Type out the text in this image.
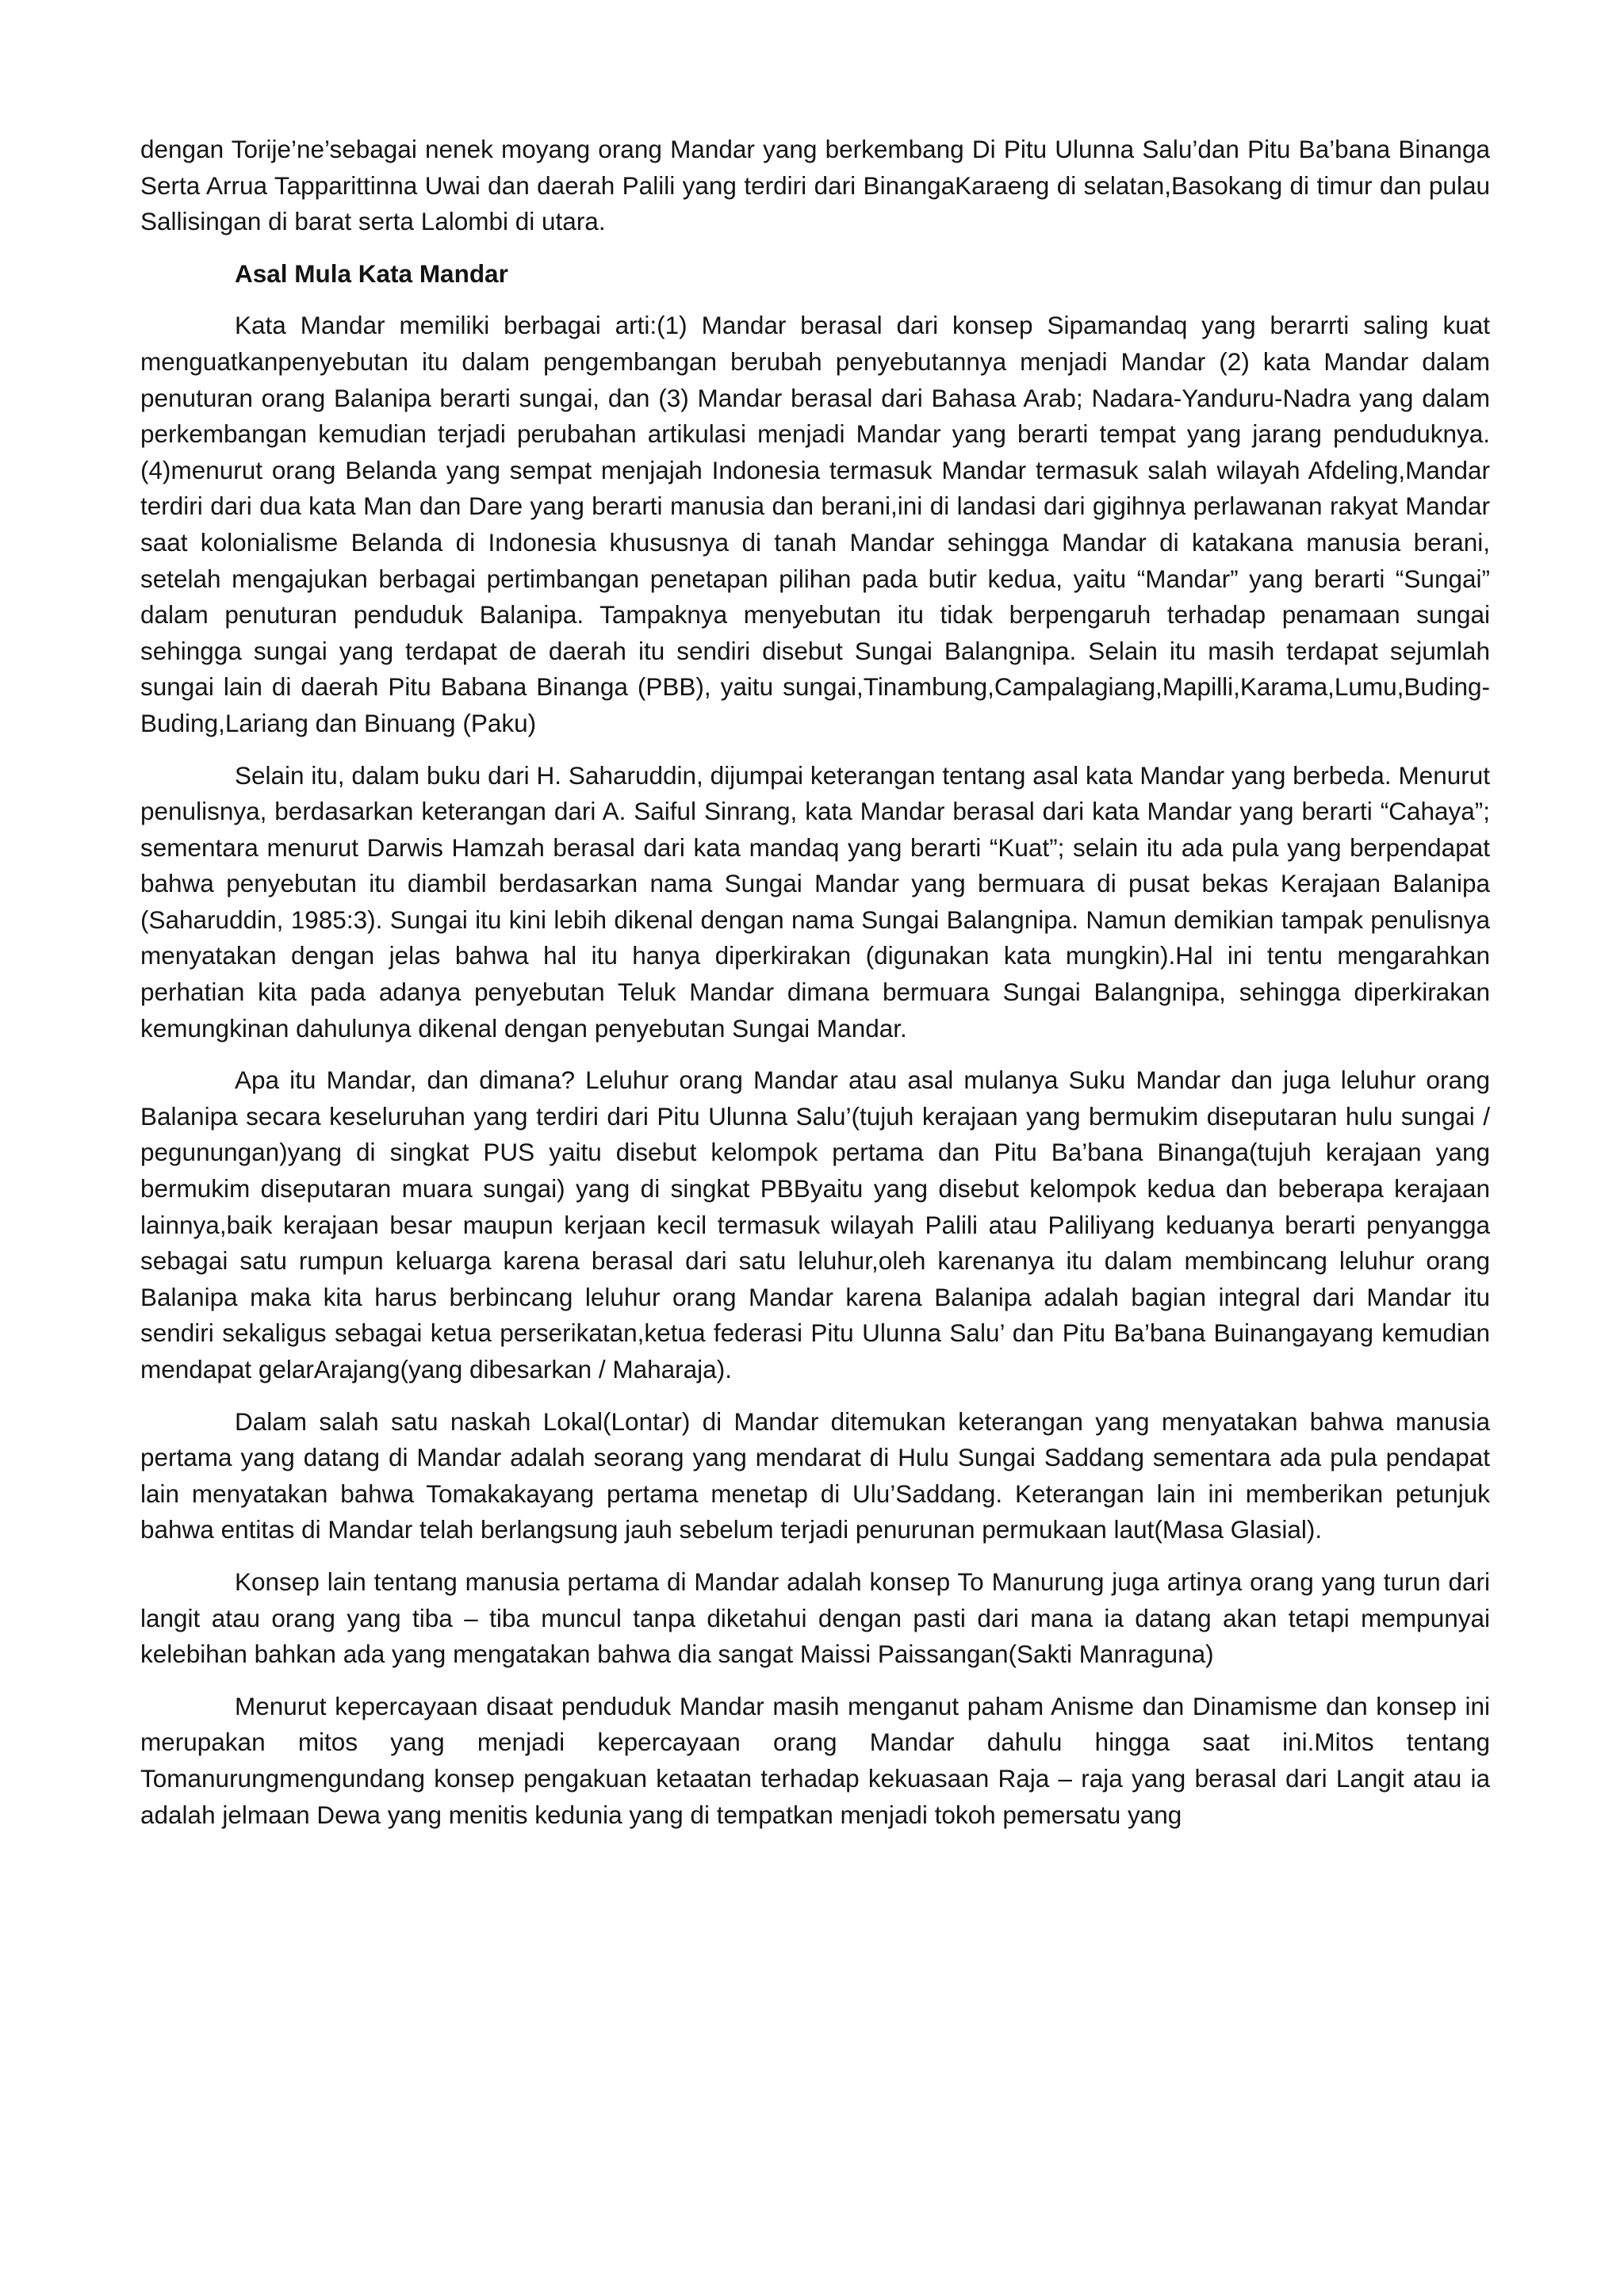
dengan Torije’ne’sebagai nenek moyang orang Mandar yang berkembang Di Pitu Ulunna Salu’dan Pitu Ba’bana Binanga Serta Arrua Tapparittinna Uwai dan daerah Palili yang terdiri dari BinangaKaraeng di selatan,Basokang di timur dan pulau Sallisingan di barat serta Lalombi di utara.

Asal Mula Kata Mandar

Kata Mandar memiliki berbagai arti:(1) Mandar berasal dari konsep Sipamandaq yang berarrti saling kuat menguatkanpenyebutan itu dalam pengembangan berubah penyebutannya menjadi Mandar (2) kata Mandar dalam penuturan orang Balanipa berarti sungai, dan (3) Mandar berasal dari Bahasa Arab; Nadara-Yanduru-Nadra yang dalam perkembangan kemudian terjadi perubahan artikulasi menjadi Mandar yang berarti tempat yang jarang penduduknya.(4)menurut orang Belanda yang sempat menjajah Indonesia termasuk Mandar termasuk salah wilayah Afdeling,Mandar terdiri dari dua kata Man dan Dare yang berarti manusia dan berani,ini di landasi dari gigihnya perlawanan rakyat Mandar saat kolonialisme Belanda di Indonesia khususnya di tanah Mandar sehingga Mandar di katakana manusia berani, setelah mengajukan berbagai pertimbangan penetapan pilihan pada butir kedua, yaitu “Mandar” yang berarti “Sungai” dalam penuturan penduduk Balanipa. Tampaknya menyebutan itu tidak berpengaruh terhadap penamaan sungai sehingga sungai yang terdapat de daerah itu sendiri disebut Sungai Balangnipa. Selain itu masih terdapat sejumlah sungai lain di daerah Pitu Babana Binanga (PBB), yaitu sungai,Tinambung,Campalagiang,Mapilli,Karama,Lumu,Buding-Buding,Lariang dan Binuang (Paku)

Selain itu, dalam buku dari H. Saharuddin, dijumpai keterangan tentang asal kata Mandar yang berbeda. Menurut penulisnya, berdasarkan keterangan dari A. Saiful Sinrang, kata Mandar berasal dari kata Mandar yang berarti “Cahaya”; sementara menurut Darwis Hamzah berasal dari kata mandaq yang berarti “Kuat”; selain itu ada pula yang berpendapat bahwa penyebutan itu diambil berdasarkan nama Sungai Mandar yang bermuara di pusat bekas Kerajaan Balanipa (Saharuddin, 1985:3). Sungai itu kini lebih dikenal dengan nama Sungai Balangnipa. Namun demikian tampak penulisnya menyatakan dengan jelas bahwa hal itu hanya diperkirakan (digunakan kata mungkin).Hal ini tentu mengarahkan perhatian kita pada adanya penyebutan Teluk Mandar dimana bermuara Sungai Balangnipa, sehingga diperkirakan kemungkinan dahulunya dikenal dengan penyebutan Sungai Mandar.

Apa itu Mandar, dan dimana? Leluhur orang Mandar atau asal mulanya Suku Mandar dan juga leluhur orang Balanipa secara keseluruhan yang terdiri dari Pitu Ulunna Salu’(tujuh kerajaan yang bermukim diseputaran hulu sungai / pegunungan)yang di singkat PUS yaitu disebut kelompok pertama dan Pitu Ba’bana Binanga(tujuh kerajaan yang bermukim diseputaran muara sungai) yang di singkat PBByaitu yang disebut kelompok kedua dan beberapa kerajaan lainnya,baik kerajaan besar maupun kerjaan kecil termasuk wilayah Palili atau Paliliyang keduanya berarti penyangga sebagai satu rumpun keluarga karena berasal dari satu leluhur,oleh karenanya itu dalam membincang leluhur orang Balanipa maka kita harus berbincang leluhur orang Mandar karena Balanipa adalah bagian integral dari Mandar itu sendiri sekaligus sebagai ketua perserikatan,ketua federasi Pitu Ulunna Salu’ dan Pitu Ba’bana Buinangayang kemudian mendapat gelarArajang(yang dibesarkan / Maharaja).

Dalam salah satu naskah Lokal(Lontar) di Mandar ditemukan keterangan yang menyatakan bahwa manusia pertama yang datang di Mandar adalah seorang yang mendarat di Hulu Sungai Saddang sementara ada pula pendapat lain menyatakan bahwa Tomakakayang pertama menetap di Ulu’Saddang. Keterangan lain ini memberikan petunjuk bahwa entitas di Mandar telah berlangsung jauh sebelum terjadi penurunan permukaan laut(Masa Glasial).

Konsep lain tentang manusia pertama di Mandar adalah konsep To Manurung juga artinya orang yang turun dari langit atau orang yang tiba – tiba muncul tanpa diketahui dengan pasti dari mana ia datang akan tetapi mempunyai kelebihan bahkan ada yang mengatakan bahwa dia sangat Maissi Paissangan(Sakti Manraguna)

Menurut kepercayaan disaat penduduk Mandar masih menganut paham Anisme dan Dinamisme dan konsep ini merupakan mitos yang menjadi kepercayaan orang Mandar dahulu hingga saat ini.Mitos tentang Tomanurungmengundang konsep pengakuan ketaatan terhadap kekuasaan Raja – raja yang berasal dari Langit atau ia adalah jelmaan Dewa yang menitis kedunia yang di tempatkan menjadi tokoh pemersatu yang
